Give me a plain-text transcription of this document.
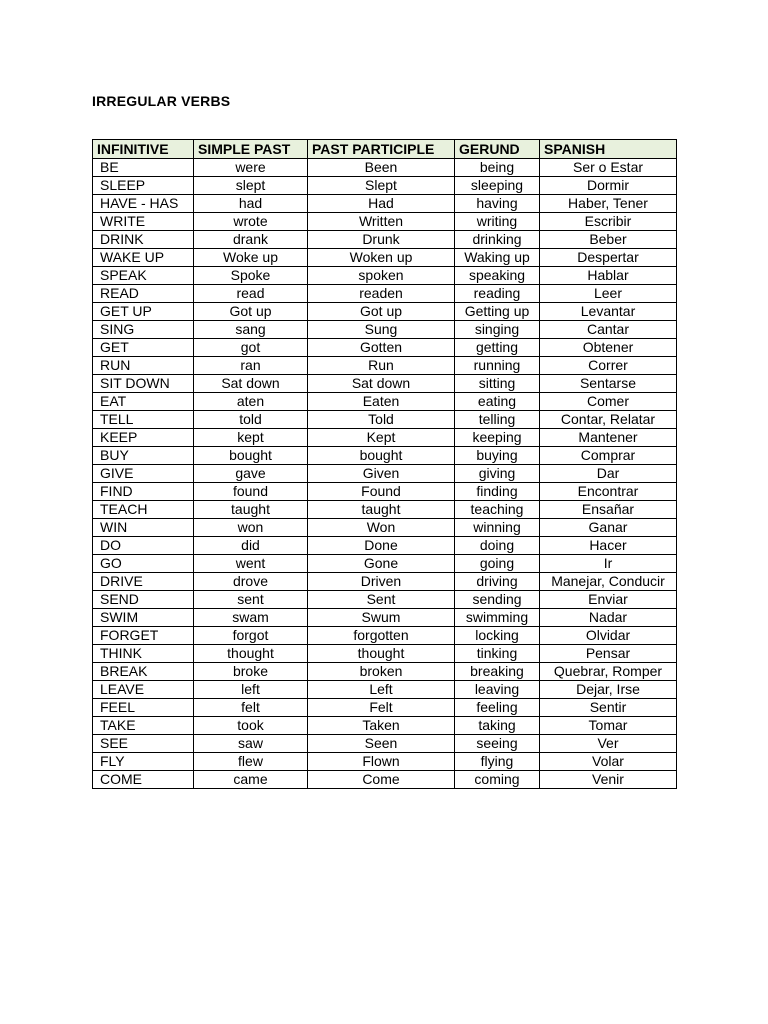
IRREGULAR VERBS
INFINITIVE	SIMPLE PAST	PAST PARTICIPLE	GERUND	SPANISH
BE	were	Been	being	Ser o Estar
SLEEP	slept	Slept	sleeping	Dormir
HAVE - HAS	had	Had	having	Haber, Tener
WRITE	wrote	Written	writing	Escribir
DRINK	drank	Drunk	drinking	Beber
WAKE UP	Woke up	Woken up	Waking up	Despertar
SPEAK	Spoke	spoken	speaking	Hablar
READ	read	readen	reading	Leer
GET UP	Got up	Got up	Getting up	Levantar
SING	sang	Sung	singing	Cantar
GET	got	Gotten	getting	Obtener
RUN	ran	Run	running	Correr
SIT DOWN	Sat down	Sat down	sitting	Sentarse
EAT	aten	Eaten	eating	Comer
TELL	told	Told	telling	Contar, Relatar
KEEP	kept	Kept	keeping	Mantener
BUY	bought	bought	buying	Comprar
GIVE	gave	Given	giving	Dar
FIND	found	Found	finding	Encontrar
TEACH	taught	taught	teaching	Ensañar
WIN	won	Won	winning	Ganar
DO	did	Done	doing	Hacer
GO	went	Gone	going	Ir
DRIVE	drove	Driven	driving	Manejar, Conducir
SEND	sent	Sent	sending	Enviar
SWIM	swam	Swum	swimming	Nadar
FORGET	forgot	forgotten	locking	Olvidar
THINK	thought	thought	tinking	Pensar
BREAK	broke	broken	breaking	Quebrar, Romper
LEAVE	left	Left	leaving	Dejar, Irse
FEEL	felt	Felt	feeling	Sentir
TAKE	took	Taken	taking	Tomar
SEE	saw	Seen	seeing	Ver
FLY	flew	Flown	flying	Volar
COME	came	Come	coming	Venir
